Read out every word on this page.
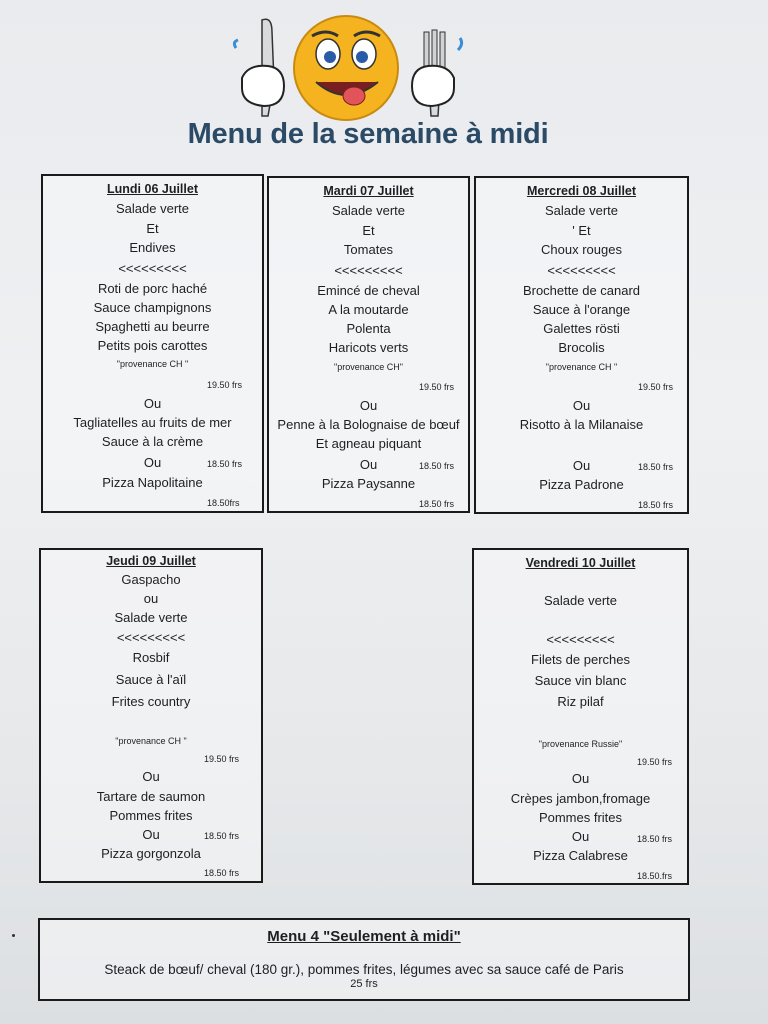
Menu de la semaine à midi
Lundi 06 Juillet
Salade verte
Et
Endives
<<<<<<<<<
Roti de porc haché
Sauce champignons
Spaghetti au beurre
Petits pois carottes
"provenance CH "
19.50 frs
Ou
Tagliatelles au fruits de mer
Sauce à la crème
Ou	18.50 frs
Pizza Napolitaine
18.50frs
Mardi 07 Juillet
Salade verte
Et
Tomates
<<<<<<<<<
Emincé de cheval
A la moutarde
Polenta
Haricots verts
"provenance CH"
19.50 frs
Ou
Penne à la Bolognaise de bœuf
Et agneau piquant
Ou	18.50 frs
Pizza Paysanne
18.50 frs
Mercredi 08 Juillet
Salade verte
' Et
Choux rouges
<<<<<<<<<
Brochette de canard
Sauce à l'orange
Galettes rösti
Brocolis
"provenance CH "
19.50 frs
Ou
Risotto à la Milanaise
Ou	18.50 frs
Pizza Padrone
18.50 frs
Jeudi 09 Juillet
Gaspacho
ou
Salade verte
<<<<<<<<<
Rosbif
Sauce à l'aïl
Frites country
"provenance CH "
19.50 frs
Ou
Tartare de saumon
Pommes frites
Ou	18.50 frs
Pizza gorgonzola
18.50 frs
Vendredi 10 Juillet
Salade verte
<<<<<<<<<
Filets de perches
Sauce vin blanc
Riz pilaf
"provenance Russie"
19.50 frs
Ou
Crèpes jambon,fromage
Pommes frites
Ou	18.50 frs
Pizza Calabrese
18.50.frs
Menu 4 "Seulement à midi"
Steack de bœuf/ cheval (180 gr.), pommes frites, légumes avec sa sauce café de Paris
25 frs
